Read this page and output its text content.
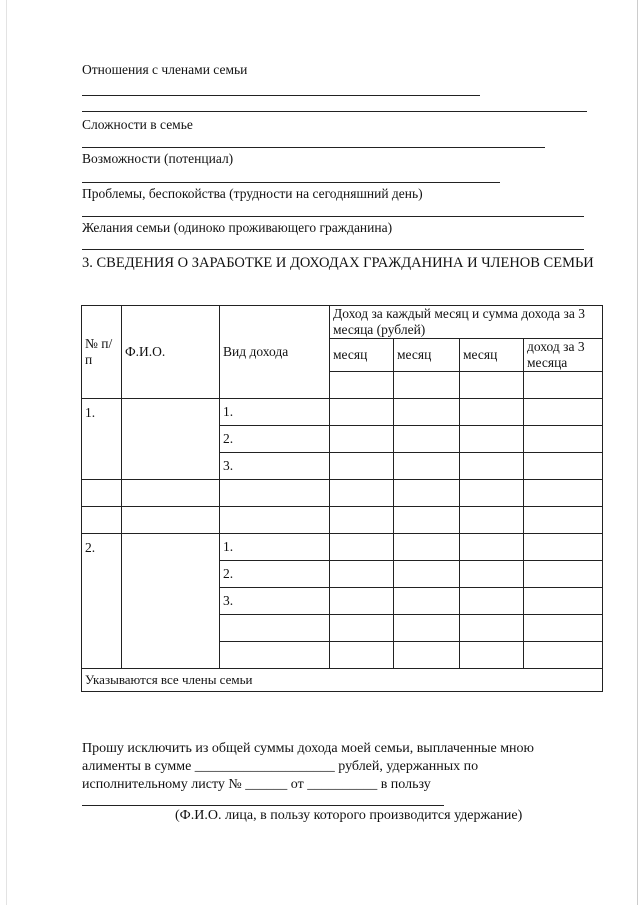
Отношения с членами семьи
Сложности в семье
Возможности (потенциал)
Проблемы, беспокойства (трудности на сегодняшний день)
Желания семьи (одиноко проживающего гражданина)
3. СВЕДЕНИЯ О ЗАРАБОТКЕ И ДОХОДАХ ГРАЖДАНИНА И ЧЛЕНОВ СЕМЬИ
№ п/п	Ф.И.О.	Вид дохода	Доход за каждый месяц и сумма дохода за 3 месяца (рублей)			
			месяц	месяц	месяц	доход за 3 месяца

1.		1.				
		2.				
		3.				

2.		1.				
		2.				
		3.				

Указываются все члены семьи						
Прошу исключить из общей суммы дохода моей семьи, выплаченные мною
алименты в сумме ____________________ рублей, удержанных по
исполнительному листу № ______ от __________ в пользу
(Ф.И.О. лица, в пользу которого производится удержание)
